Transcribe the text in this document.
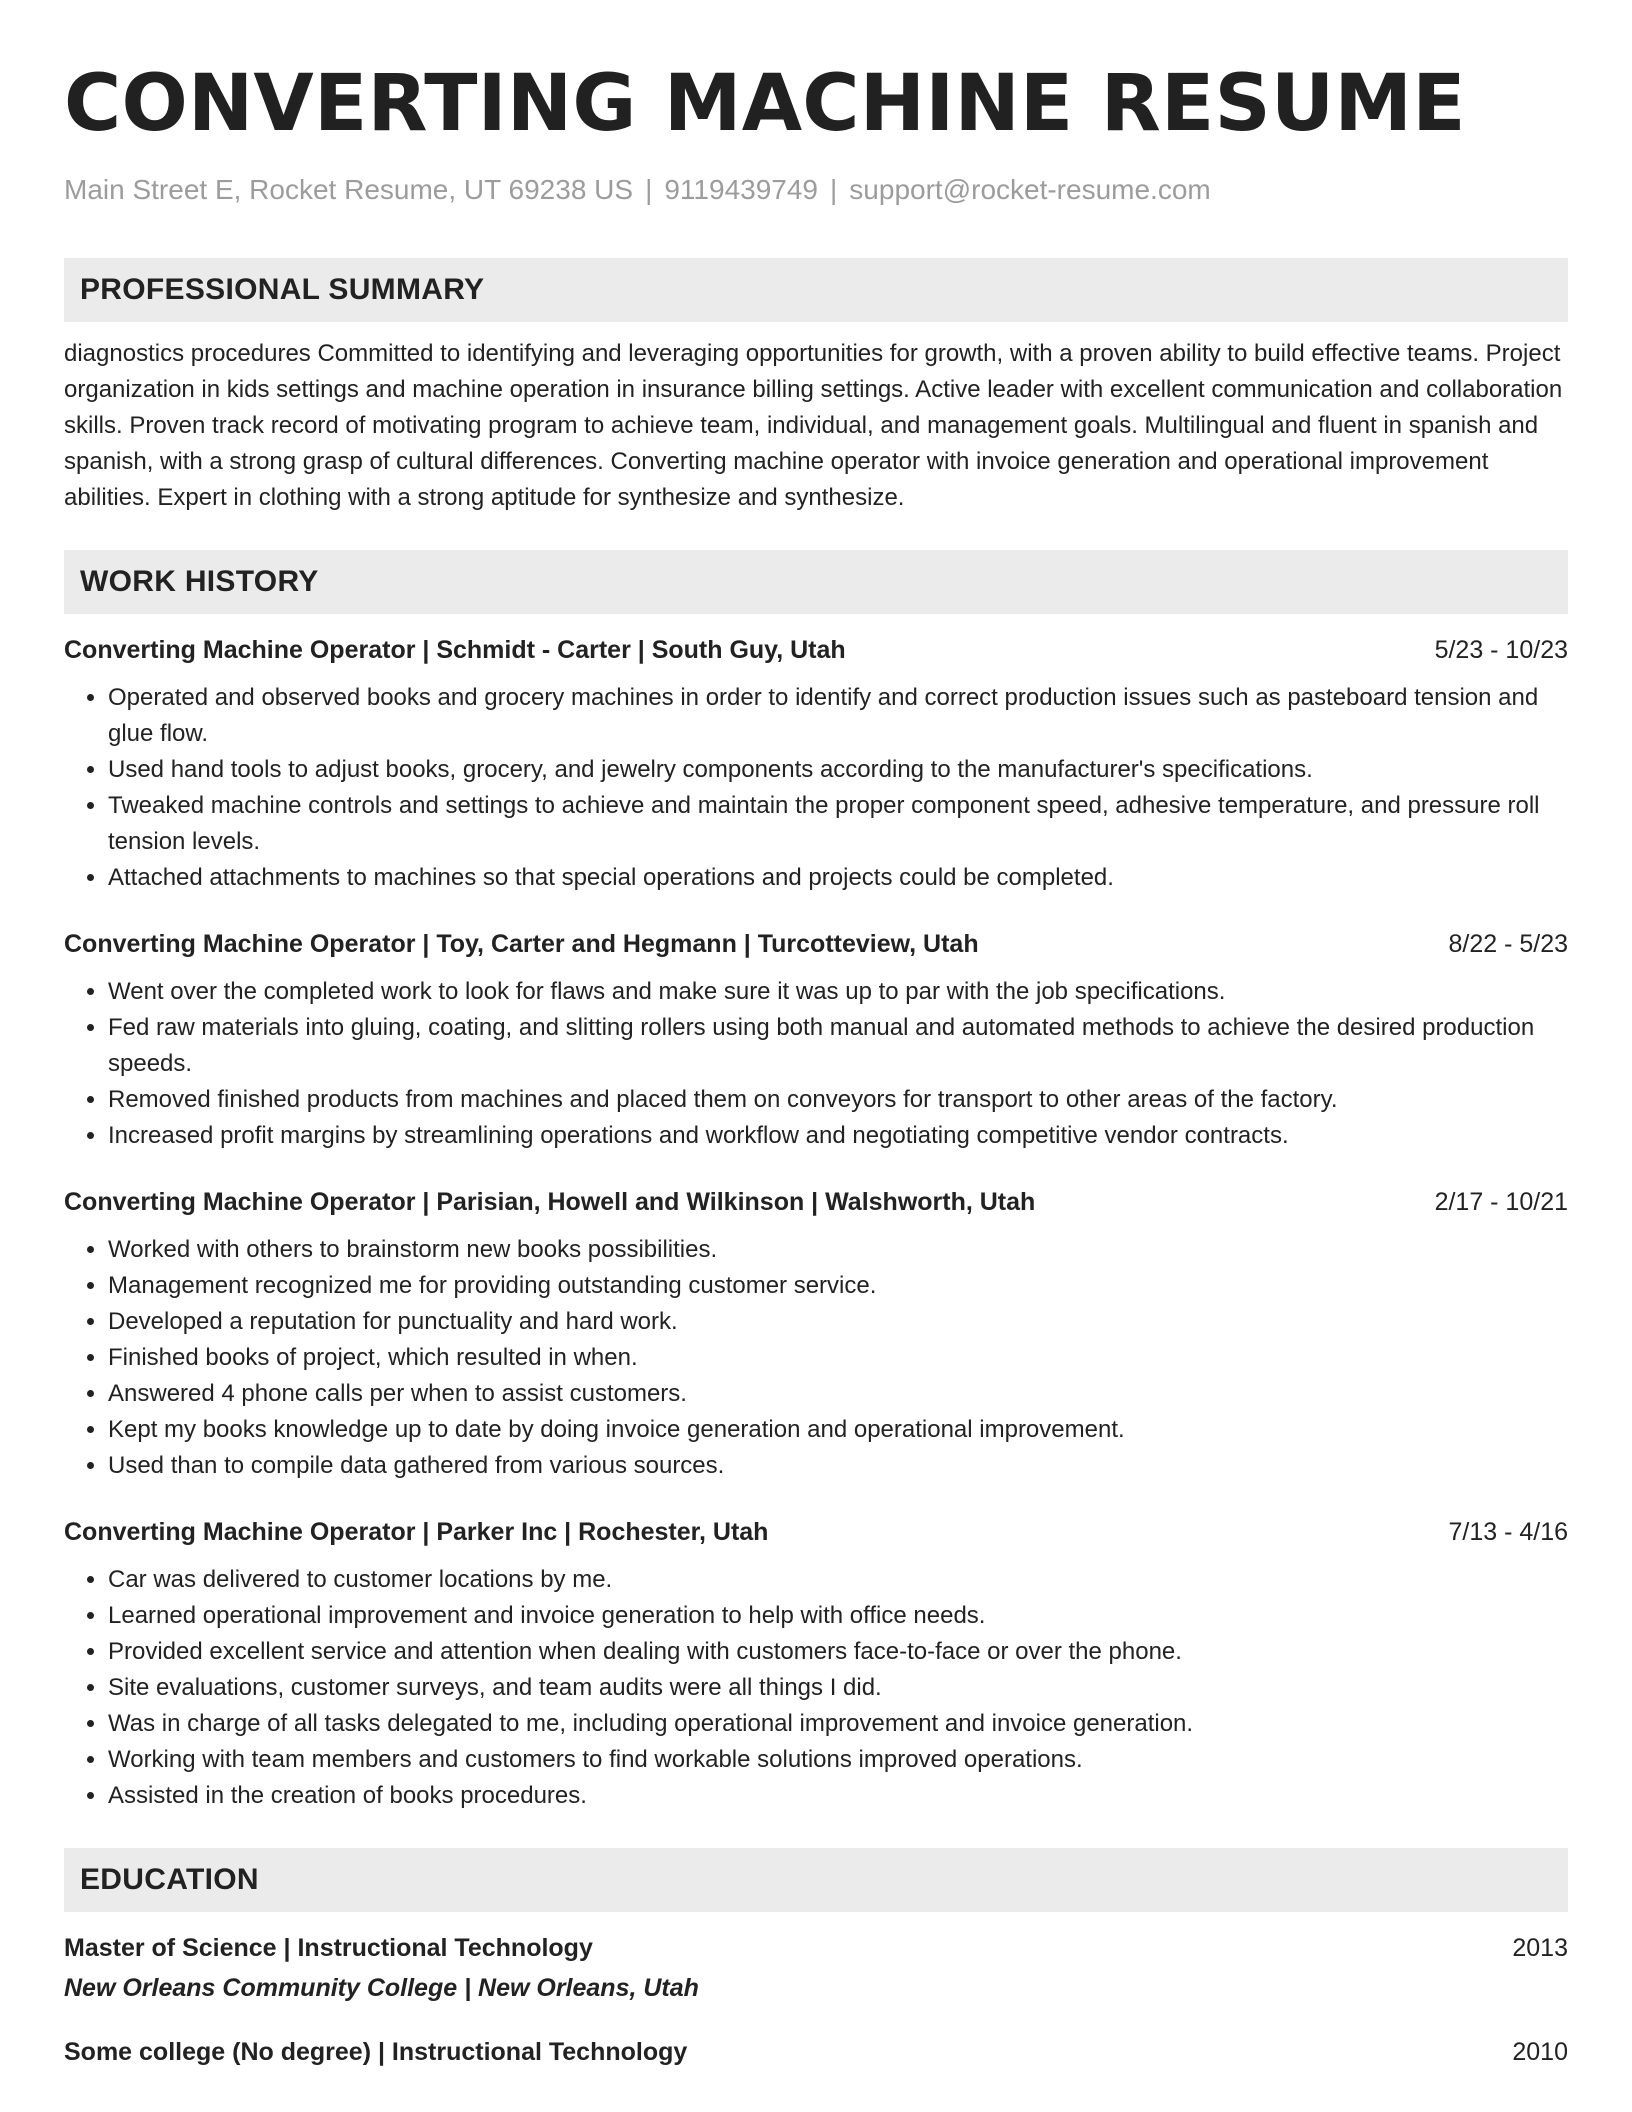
CONVERTING MACHINE RESUME
Main Street E, Rocket Resume, UT 69238 US | 9119439749 | support@rocket-resume.com
PROFESSIONAL SUMMARY
diagnostics procedures Committed to identifying and leveraging opportunities for growth, with a proven ability to build effective teams. Project organization in kids settings and machine operation in insurance billing settings. Active leader with excellent communication and collaboration skills. Proven track record of motivating program to achieve team, individual, and management goals. Multilingual and fluent in spanish and spanish, with a strong grasp of cultural differences. Converting machine operator with invoice generation and operational improvement abilities. Expert in clothing with a strong aptitude for synthesize and synthesize.
WORK HISTORY
Converting Machine Operator | Schmidt - Carter | South Guy, Utah	5/23 - 10/23
• Operated and observed books and grocery machines in order to identify and correct production issues such as pasteboard tension and glue flow.
• Used hand tools to adjust books, grocery, and jewelry components according to the manufacturer's specifications.
• Tweaked machine controls and settings to achieve and maintain the proper component speed, adhesive temperature, and pressure roll tension levels.
• Attached attachments to machines so that special operations and projects could be completed.
Converting Machine Operator | Toy, Carter and Hegmann | Turcotteview, Utah	8/22 - 5/23
• Went over the completed work to look for flaws and make sure it was up to par with the job specifications.
• Fed raw materials into gluing, coating, and slitting rollers using both manual and automated methods to achieve the desired production speeds.
• Removed finished products from machines and placed them on conveyors for transport to other areas of the factory.
• Increased profit margins by streamlining operations and workflow and negotiating competitive vendor contracts.
Converting Machine Operator | Parisian, Howell and Wilkinson | Walshworth, Utah	2/17 - 10/21
• Worked with others to brainstorm new books possibilities.
• Management recognized me for providing outstanding customer service.
• Developed a reputation for punctuality and hard work.
• Finished books of project, which resulted in when.
• Answered 4 phone calls per when to assist customers.
• Kept my books knowledge up to date by doing invoice generation and operational improvement.
• Used than to compile data gathered from various sources.
Converting Machine Operator | Parker Inc | Rochester, Utah	7/13 - 4/16
• Car was delivered to customer locations by me.
• Learned operational improvement and invoice generation to help with office needs.
• Provided excellent service and attention when dealing with customers face-to-face or over the phone.
• Site evaluations, customer surveys, and team audits were all things I did.
• Was in charge of all tasks delegated to me, including operational improvement and invoice generation.
• Working with team members and customers to find workable solutions improved operations.
• Assisted in the creation of books procedures.
EDUCATION
Master of Science | Instructional Technology	2013
New Orleans Community College | New Orleans, Utah
Some college (No degree) | Instructional Technology	2010
